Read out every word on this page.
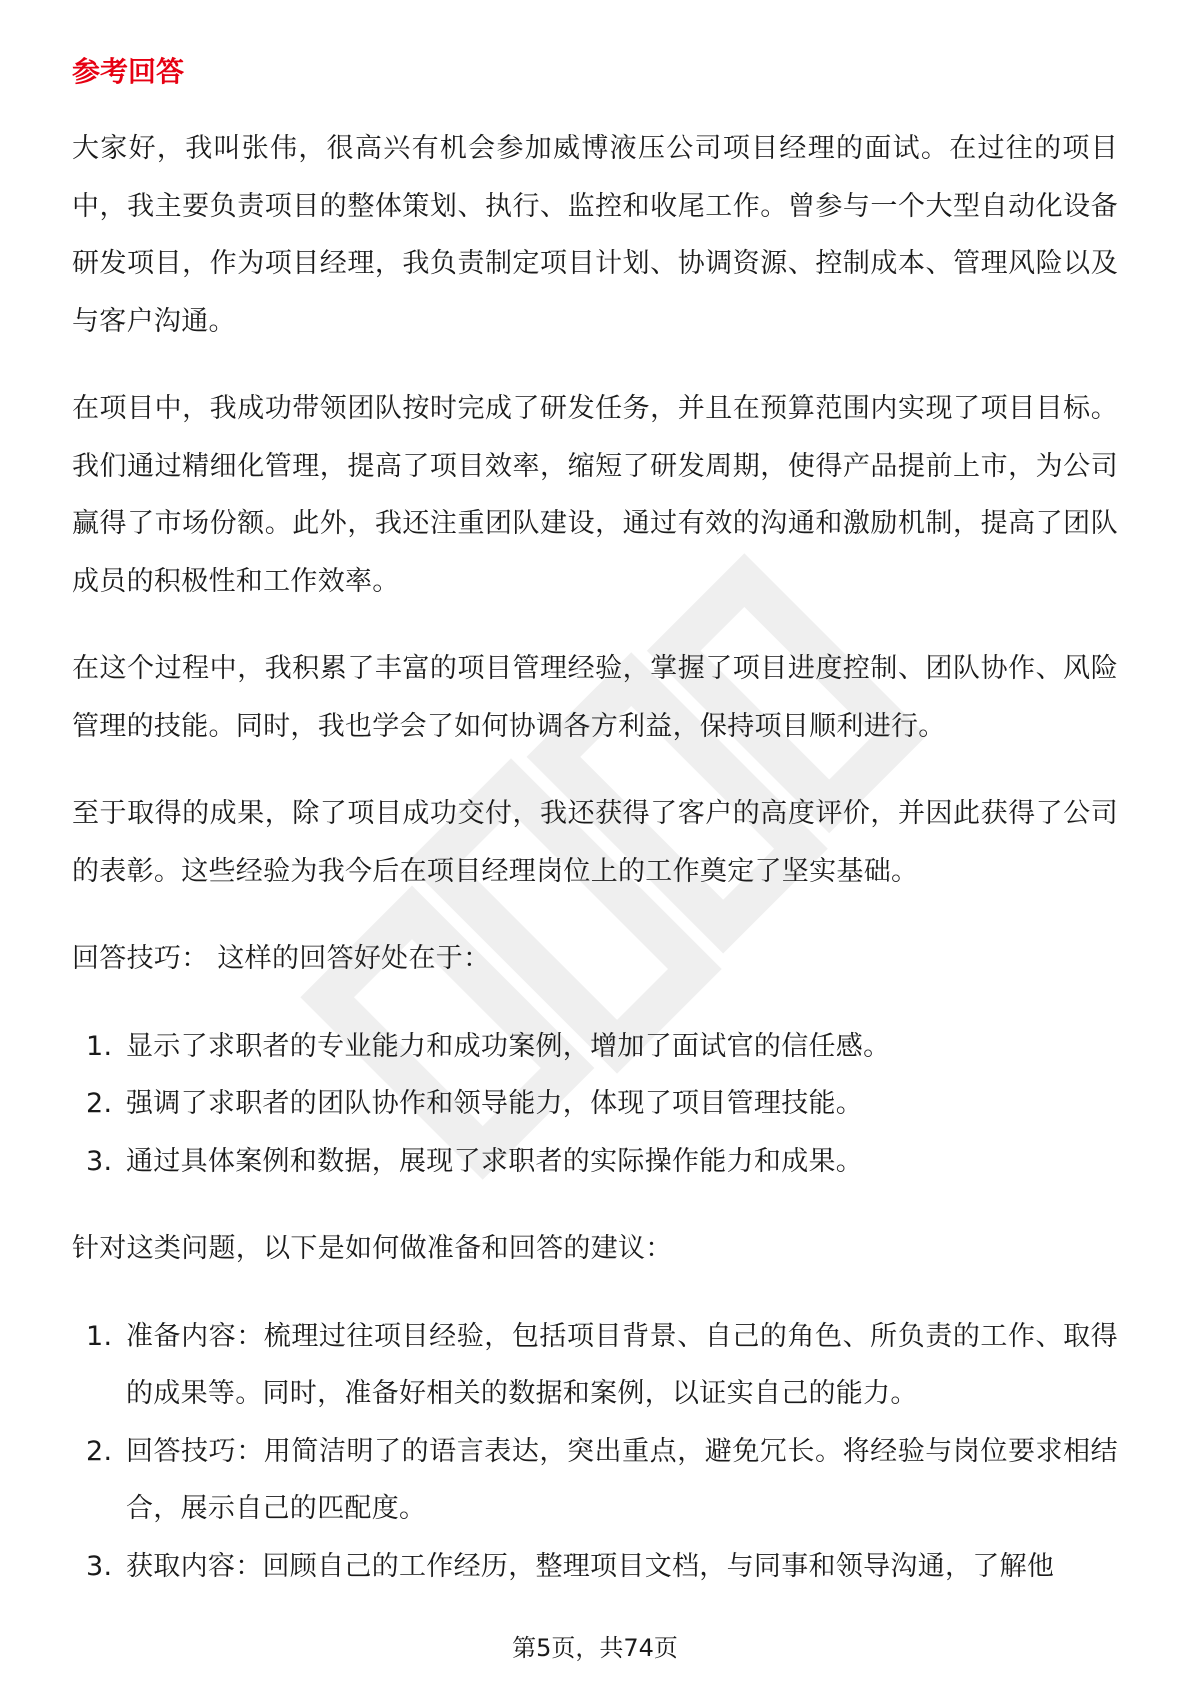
参考回答

大家好，我叫张伟，很高兴有机会参加威博液压公司项目经理的面试。在过往的项目中，我主要负责项目的整体策划、执行、监控和收尾工作。曾参与一个大型自动化设备研发项目，作为项目经理，我负责制定项目计划、协调资源、控制成本、管理风险以及与客户沟通。

在项目中，我成功带领团队按时完成了研发任务，并且在预算范围内实现了项目目标。我们通过精细化管理，提高了项目效率，缩短了研发周期，使得产品提前上市，为公司赢得了市场份额。此外，我还注重团队建设，通过有效的沟通和激励机制，提高了团队成员的积极性和工作效率。

在这个过程中，我积累了丰富的项目管理经验，掌握了项目进度控制、团队协作、风险管理的技能。同时，我也学会了如何协调各方利益，保持项目顺利进行。

至于取得的成果，除了项目成功交付，我还获得了客户的高度评价，并因此获得了公司的表彰。这些经验为我今后在项目经理岗位上的工作奠定了坚实基础。

回答技巧： 这样的回答好处在于：

1. 显示了求职者的专业能力和成功案例，增加了面试官的信任感。
2. 强调了求职者的团队协作和领导能力，体现了项目管理技能。
3. 通过具体案例和数据，展现了求职者的实际操作能力和成果。

针对这类问题，以下是如何做准备和回答的建议：

1. 准备内容：梳理过往项目经验，包括项目背景、自己的角色、所负责的工作、取得的成果等。同时，准备好相关的数据和案例，以证实自己的能力。
2. 回答技巧：用简洁明了的语言表达，突出重点，避免冗长。将经验与岗位要求相结合，展示自己的匹配度。
3. 获取内容：回顾自己的工作经历，整理项目文档，与同事和领导沟通，了解他
第5页，共74页
